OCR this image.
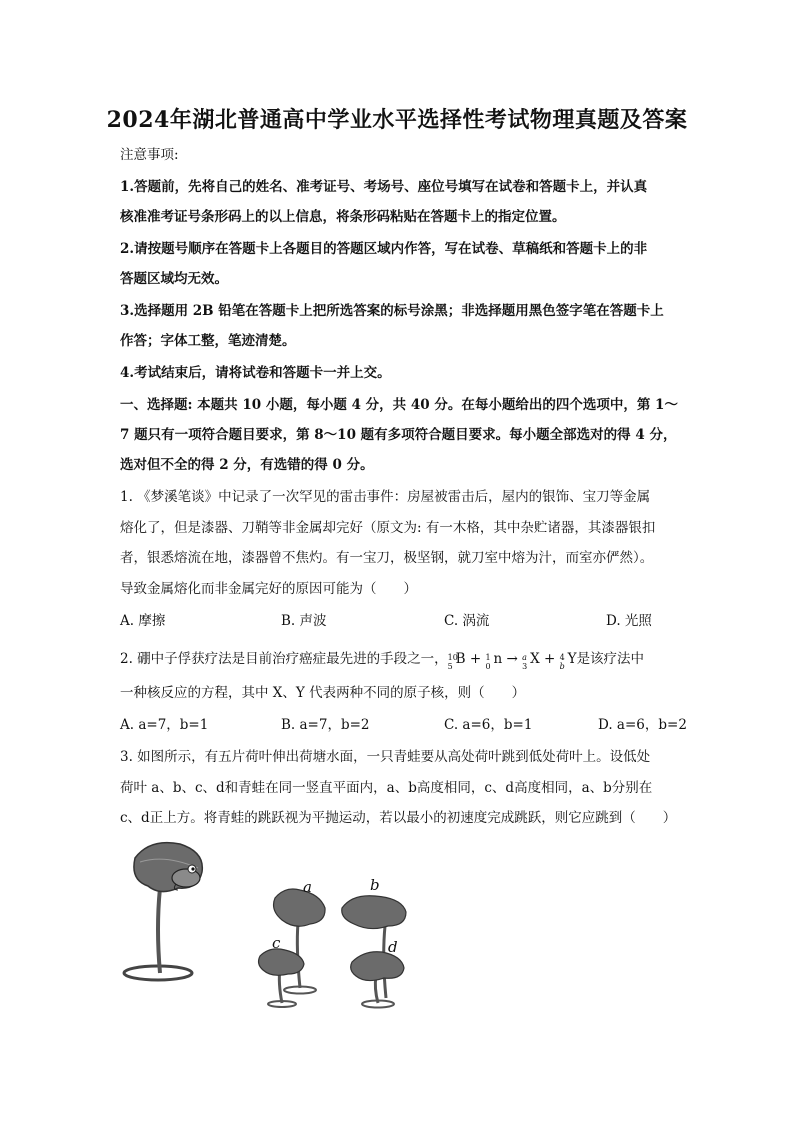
2024年湖北普通高中学业水平选择性考试物理真题及答案
注意事项:
1.答题前，先将自己的姓名、准考证号、考场号、座位号填写在试卷和答题卡上，并认真
核准准考证号条形码上的以上信息，将条形码粘贴在答题卡上的指定位置。
2.请按题号顺序在答题卡上各题目的答题区域内作答，写在试卷、草稿纸和答题卡上的非
答题区域均无效。
3.选择题用 2B 铅笔在答题卡上把所选答案的标号涂黑；非选择题用黑色签字笔在答题卡上
作答；字体工整，笔迹清楚。
4.考试结束后，请将试卷和答题卡一并上交。
一、选择题: 本题共 10 小题，每小题 4 分，共 40 分。在每小题给出的四个选项中，第 1～
7 题只有一项符合题目要求，第 8～10 题有多项符合题目要求。每小题全部选对的得 4 分，
选对但不全的得 2 分，有选错的得 0 分。
1. 《梦溪笔谈》中记录了一次罕见的雷击事件：房屋被雷击后，屋内的银饰、宝刀等金属
熔化了，但是漆器、刀鞘等非金属却完好（原文为: 有一木格，其中杂贮诸器，其漆器银扣
者，银悉熔流在地，漆器曾不焦灼。有一宝刀，极坚钢，就刀室中熔为汁，而室亦俨然）。
导致金属熔化而非金属完好的原因可能为（　　）
A. 摩擦	B. 声波	C. 涡流	D. 光照
2. 硼中子俘获疗法是目前治疗癌症最先进的手段之一， 10
5 B + 1
0 n → a
3 X + 4
b Y是该疗法中
一种核反应的方程，其中 X、Y 代表两种不同的原子核，则（　　）
A. a=7，b=1	B. a=7，b=2	C. a=6，b=1	D. a=6，b=2
3. 如图所示，有五片荷叶伸出荷塘水面，一只青蛙要从高处荷叶跳到低处荷叶上。设低处
荷叶 a、b、c、d和青蛙在同一竖直平面内，a、b高度相同，c、d高度相同，a、b分别在
c、d正上方。将青蛙的跳跃视为平抛运动，若以最小的初速度完成跳跃，则它应跳到（　　）
a
c
b
d
